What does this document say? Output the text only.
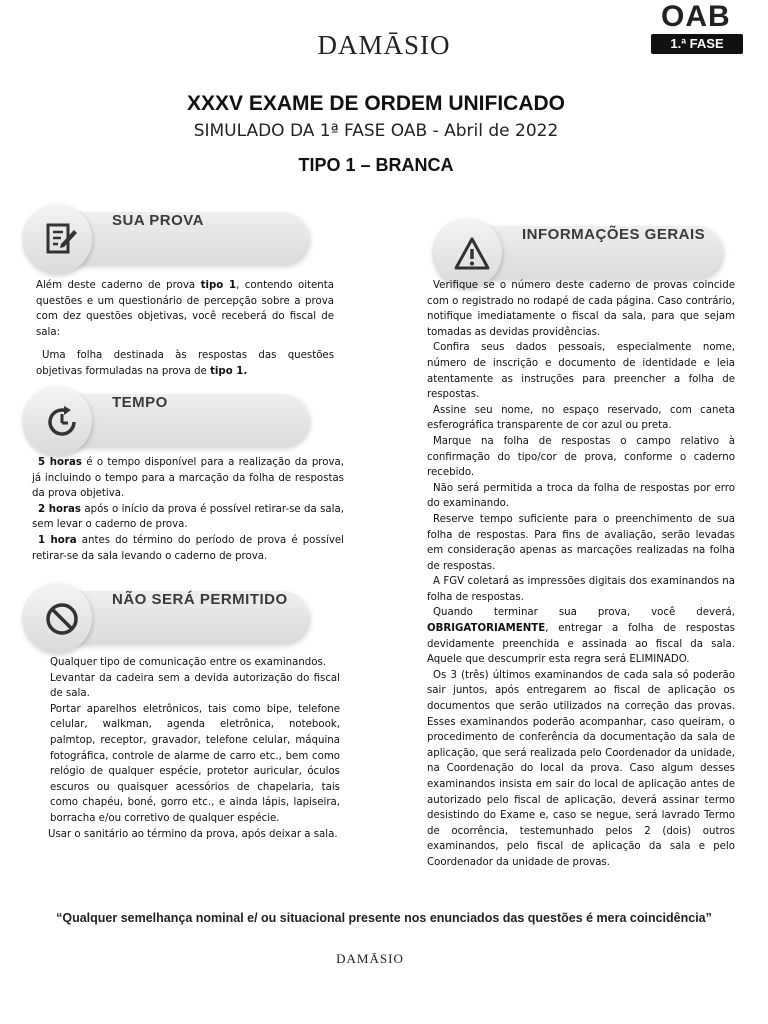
DAMĀSIO
OAB
1.ª FASE
XXXV EXAME DE ORDEM UNIFICADO
SIMULADO DA 1ª FASE OAB - Abril de 2022
TIPO 1 – BRANCA
SUA PROVA

Além deste caderno de prova tipo 1, contendo oitenta questões e um questionário de percepção sobre a prova com dez questões objetivas, você receberá do fiscal de sala:

Uma folha destinada às respostas das questões objetivas formuladas na prova de tipo 1.

TEMPO

5 horas é o tempo disponível para a realização da prova, já incluindo o tempo para a marcação da folha de respostas da prova objetiva.

2 horas após o início da prova é possível retirar-se da sala, sem levar o caderno de prova.

1 hora antes do término do período de prova é possível retirar-se da sala levando o caderno de prova.

NÃO SERÁ PERMITIDO

Qualquer tipo de comunicação entre os examinandos.

Levantar da cadeira sem a devida autorização do fiscal de sala.

Portar aparelhos eletrônicos, tais como bipe, telefone celular, walkman, agenda eletrônica, notebook, palmtop, receptor, gravador, telefone celular, máquina fotográfica, controle de alarme de carro etc., bem como relógio de qualquer espécie, protetor auricular, óculos escuros ou quaisquer acessórios de chapelaria, tais como chapéu, boné, gorro etc., e ainda lápis, lapiseira, borracha e/ou corretivo de qualquer espécie.

Usar o sanitário ao término da prova, após deixar a sala.

INFORMAÇÕES GERAIS

Verifique se o número deste caderno de provas coincide com o registrado no rodapé de cada página. Caso contrário, notifique imediatamente o fiscal da sala, para que sejam tomadas as devidas providências.

Confira seus dados pessoais, especialmente nome, número de inscrição e documento de identidade e leia atentamente as instruções para preencher a folha de respostas.

Assine seu nome, no espaço reservado, com caneta esferográfica transparente de cor azul ou preta.

Marque na folha de respostas o campo relativo à confirmação do tipo/cor de prova, conforme o caderno recebido.

Não será permitida a troca da folha de respostas por erro do examinando.

Reserve tempo suficiente para o preenchimento de sua folha de respostas. Para fins de avaliação, serão levadas em consideração apenas as marcações realizadas na folha de respostas.

A FGV coletará as impressões digitais dos examinandos na folha de respostas.

Quando terminar sua prova, você deverá, OBRIGATORIAMENTE, entregar a folha de respostas devidamente preenchida e assinada ao fiscal da sala. Aquele que descumprir esta regra será ELIMINADO.

Os 3 (três) últimos examinandos de cada sala só poderão sair juntos, após entregarem ao fiscal de aplicação os documentos que serão utilizados na correção das provas. Esses examinandos poderão acompanhar, caso queiram, o procedimento de conferência da documentação da sala de aplicação, que será realizada pelo Coordenador da unidade, na Coordenação do local da prova. Caso algum desses examinandos insista em sair do local de aplicação antes de autorizado pelo fiscal de aplicação, deverá assinar termo desistindo do Exame e, caso se negue, será lavrado Termo de ocorrência, testemunhado pelos 2 (dois) outros examinandos, pelo fiscal de aplicação da sala e pelo Coordenador da unidade de provas.

“Qualquer semelhança nominal e/ ou situacional presente nos enunciados das questões é mera coincidência”
DAMĀSIO
